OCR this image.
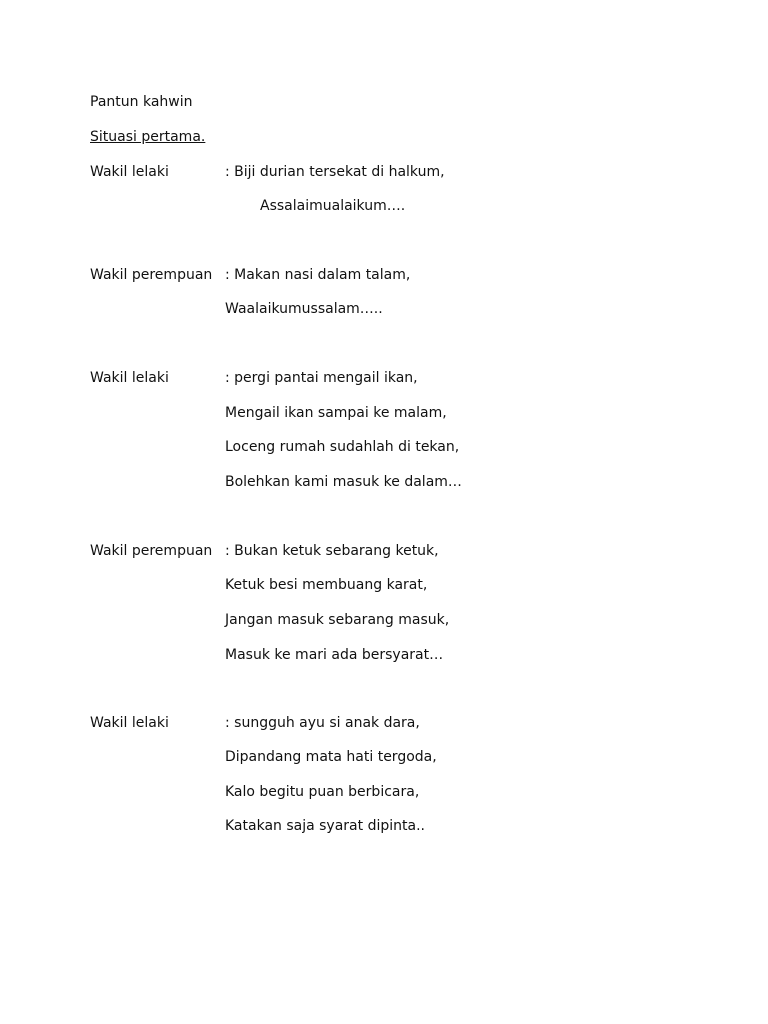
Pantun kahwin
Situasi pertama.
Wakil lelaki	: Biji durian tersekat di halkum,
Assalaimualaikum….
Wakil perempuan : Makan nasi dalam talam,
Waalaikumussalam…..
Wakil lelaki	: pergi pantai mengail ikan,
Mengail ikan sampai ke malam,
Loceng rumah sudahlah di tekan,
Bolehkan kami masuk ke dalam…
Wakil perempuan : Bukan ketuk sebarang ketuk,
Ketuk besi membuang karat,
Jangan masuk sebarang masuk,
Masuk ke mari ada bersyarat…
Wakil lelaki	: sungguh ayu si anak dara,
Dipandang mata hati tergoda,
Kalo begitu puan berbicara,
Katakan saja syarat dipinta..
